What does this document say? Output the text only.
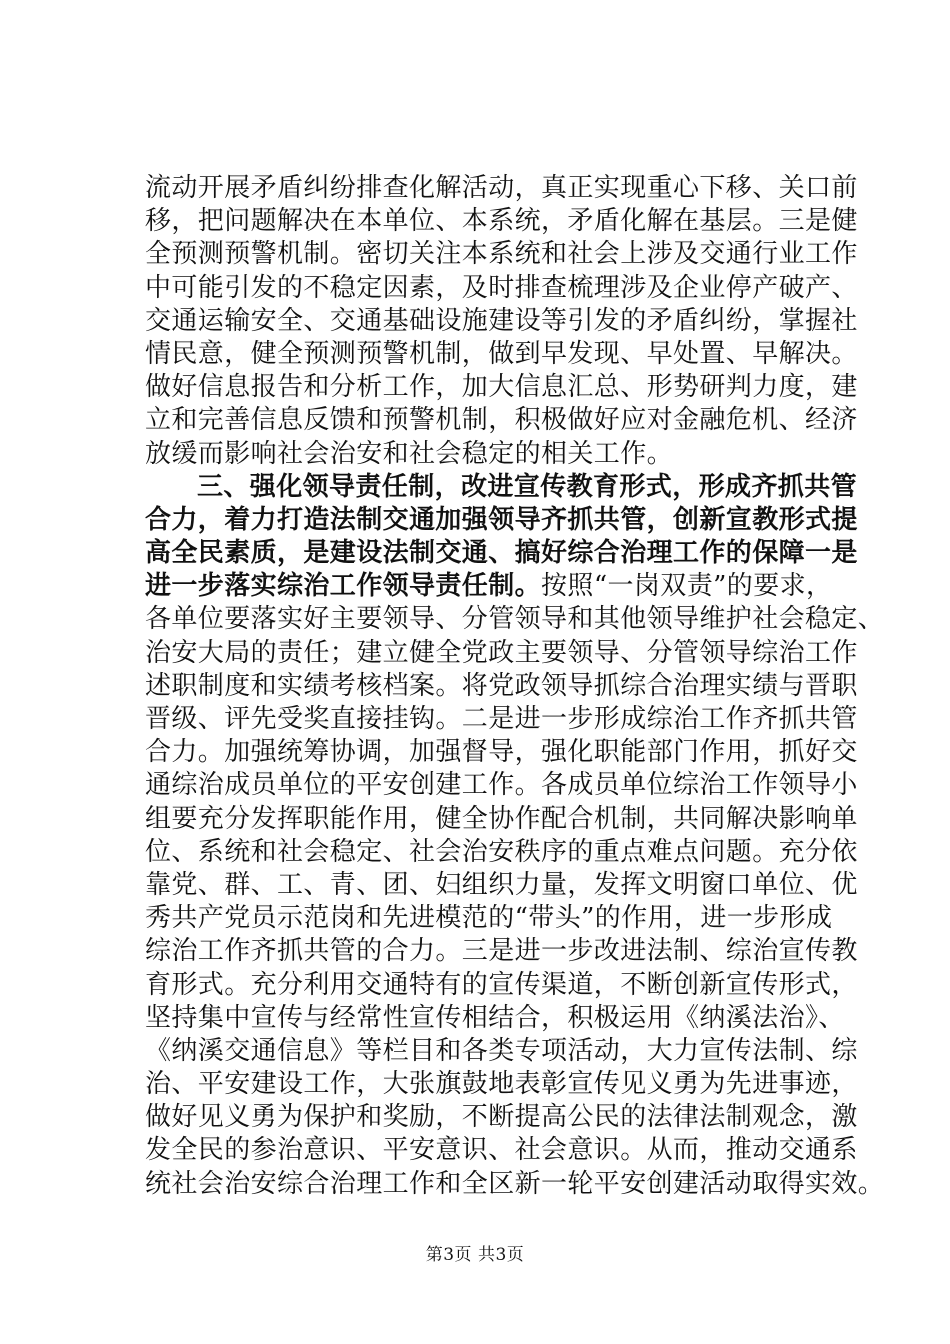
流动开展矛盾纠纷排查化解活动，真正实现重心下移、关口前
移，把问题解决在本单位、本系统，矛盾化解在基层。三是健
全预测预警机制。密切关注本系统和社会上涉及交通行业工作
中可能引发的不稳定因素，及时排查梳理涉及企业停产破产、
交通运输安全、交通基础设施建设等引发的矛盾纠纷，掌握社
情民意，健全预测预警机制，做到早发现、早处置、早解决。
做好信息报告和分析工作，加大信息汇总、形势研判力度，建
立和完善信息反馈和预警机制，积极做好应对金融危机、经济
放缓而影响社会治安和社会稳定的相关工作。
三、强化领导责任制，改进宣传教育形式，形成齐抓共管
合力，着力打造法制交通加强领导齐抓共管，创新宣教形式提
高全民素质，是建设法制交通、搞好综合治理工作的保障一是
进一步落实综治工作领导责任制。按照“一岗双责”的要求，
各单位要落实好主要领导、分管领导和其他领导维护社会稳定、
治安大局的责任；建立健全党政主要领导、分管领导综治工作
述职制度和实绩考核档案。将党政领导抓综合治理实绩与晋职
晋级、评先受奖直接挂钩。二是进一步形成综治工作齐抓共管
合力。加强统筹协调，加强督导，强化职能部门作用，抓好交
通综治成员单位的平安创建工作。各成员单位综治工作领导小
组要充分发挥职能作用，健全协作配合机制，共同解决影响单
位、系统和社会稳定、社会治安秩序的重点难点问题。充分依
靠党、群、工、青、团、妇组织力量，发挥文明窗口单位、优
秀共产党员示范岗和先进模范的“带头”的作用，进一步形成
综治工作齐抓共管的合力。三是进一步改进法制、综治宣传教
育形式。充分利用交通特有的宣传渠道，不断创新宣传形式，
坚持集中宣传与经常性宣传相结合，积极运用《纳溪法治》、
《纳溪交通信息》等栏目和各类专项活动，大力宣传法制、综
治、平安建设工作，大张旗鼓地表彰宣传见义勇为先进事迹，
做好见义勇为保护和奖励，不断提高公民的法律法制观念，激
发全民的参治意识、平安意识、社会意识。从而，推动交通系
统社会治安综合治理工作和全区新一轮平安创建活动取得实效。
第3页 共3页
